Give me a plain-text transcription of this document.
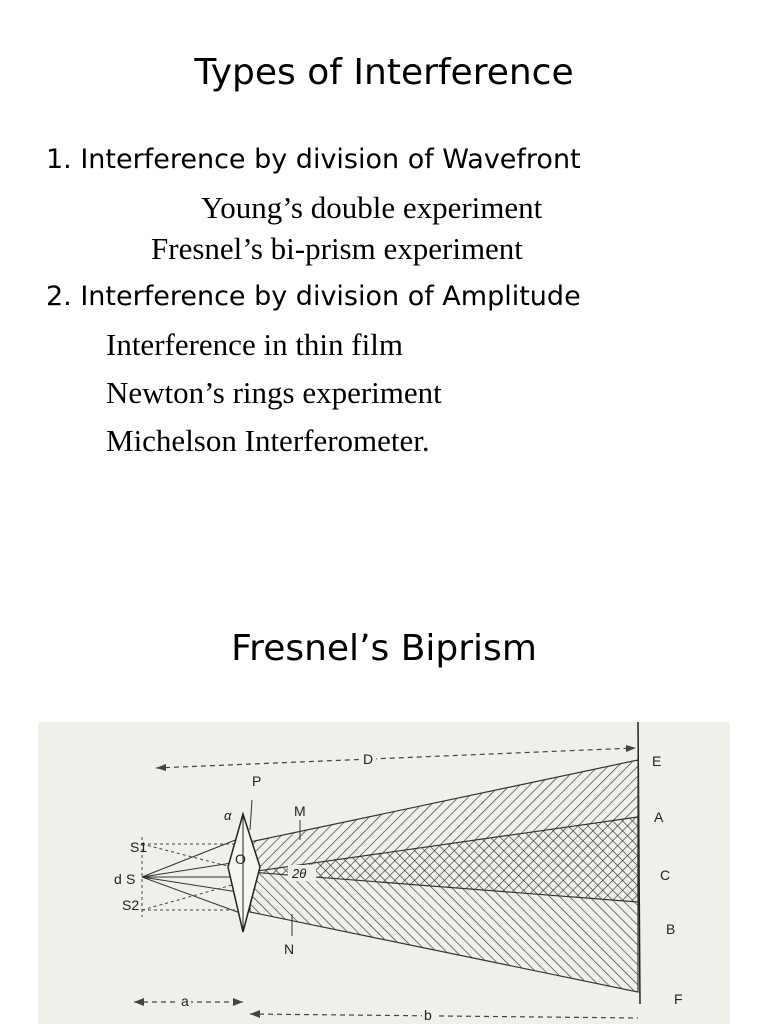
Types of Interference
1. Interference by division of Wavefront
Young’s double experiment
Fresnel’s bi-prism experiment
2. Interference by division of Amplitude
Interference in thin film
Newton’s rings experiment
Michelson Interferometer.
Fresnel’s Biprism
D
P
α
O
M
N
2θ
S1
S
d
S2
E
A
C
B
F
a
b
